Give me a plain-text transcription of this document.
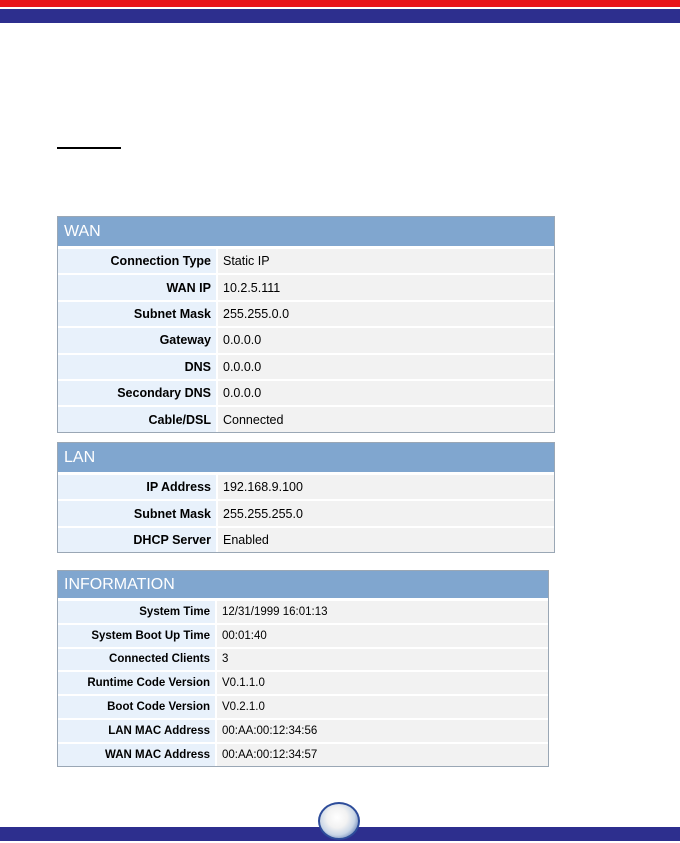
WAN
Connection Type Static IP
WAN IP 10.2.5.111
Subnet Mask 255.255.0.0
Gateway 0.0.0.0
DNS 0.0.0.0
Secondary DNS 0.0.0.0
Cable/DSL Connected
LAN
IP Address 192.168.9.100
Subnet Mask 255.255.255.0
DHCP Server Enabled
INFORMATION
System Time	12/31/1999 16:01:13
System Boot Up Time	00:01:40
Connected Clients	3
Runtime Code Version	V0.1.1.0
Boot Code Version	V0.2.1.0
LAN MAC Address	00:AA:00:12:34:56
WAN MAC Address	00:AA:00:12:34:57
